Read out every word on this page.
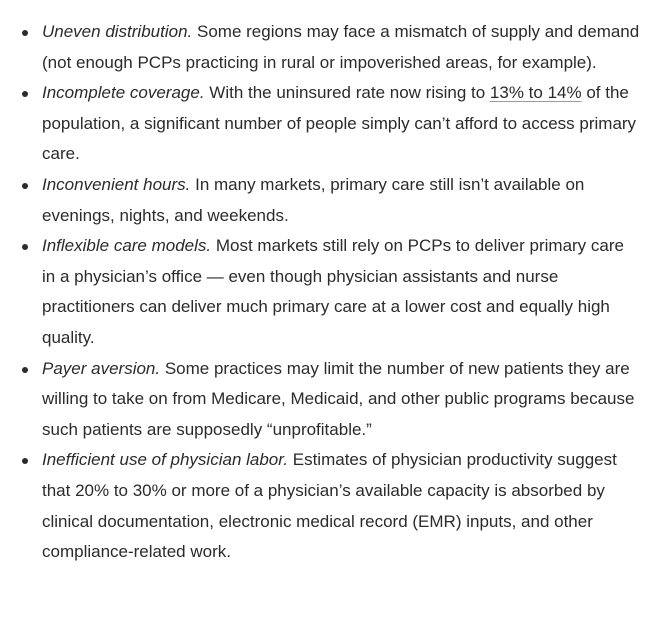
Uneven distribution. Some regions may face a mismatch of supply and demand (not enough PCPs practicing in rural or impoverished areas, for example).
Incomplete coverage. With the uninsured rate now rising to 13% to 14% of the population, a significant number of people simply can’t afford to access primary care.
Inconvenient hours. In many markets, primary care still isn’t available on evenings, nights, and weekends.
Inflexible care models. Most markets still rely on PCPs to deliver primary care in a physician’s office — even though physician assistants and nurse practitioners can deliver much primary care at a lower cost and equally high quality.
Payer aversion. Some practices may limit the number of new patients they are willing to take on from Medicare, Medicaid, and other public programs because such patients are supposedly “unprofitable.”
Inefficient use of physician labor. Estimates of physician productivity suggest that 20% to 30% or more of a physician’s available capacity is absorbed by clinical documentation, electronic medical record (EMR) inputs, and other compliance-related work.
